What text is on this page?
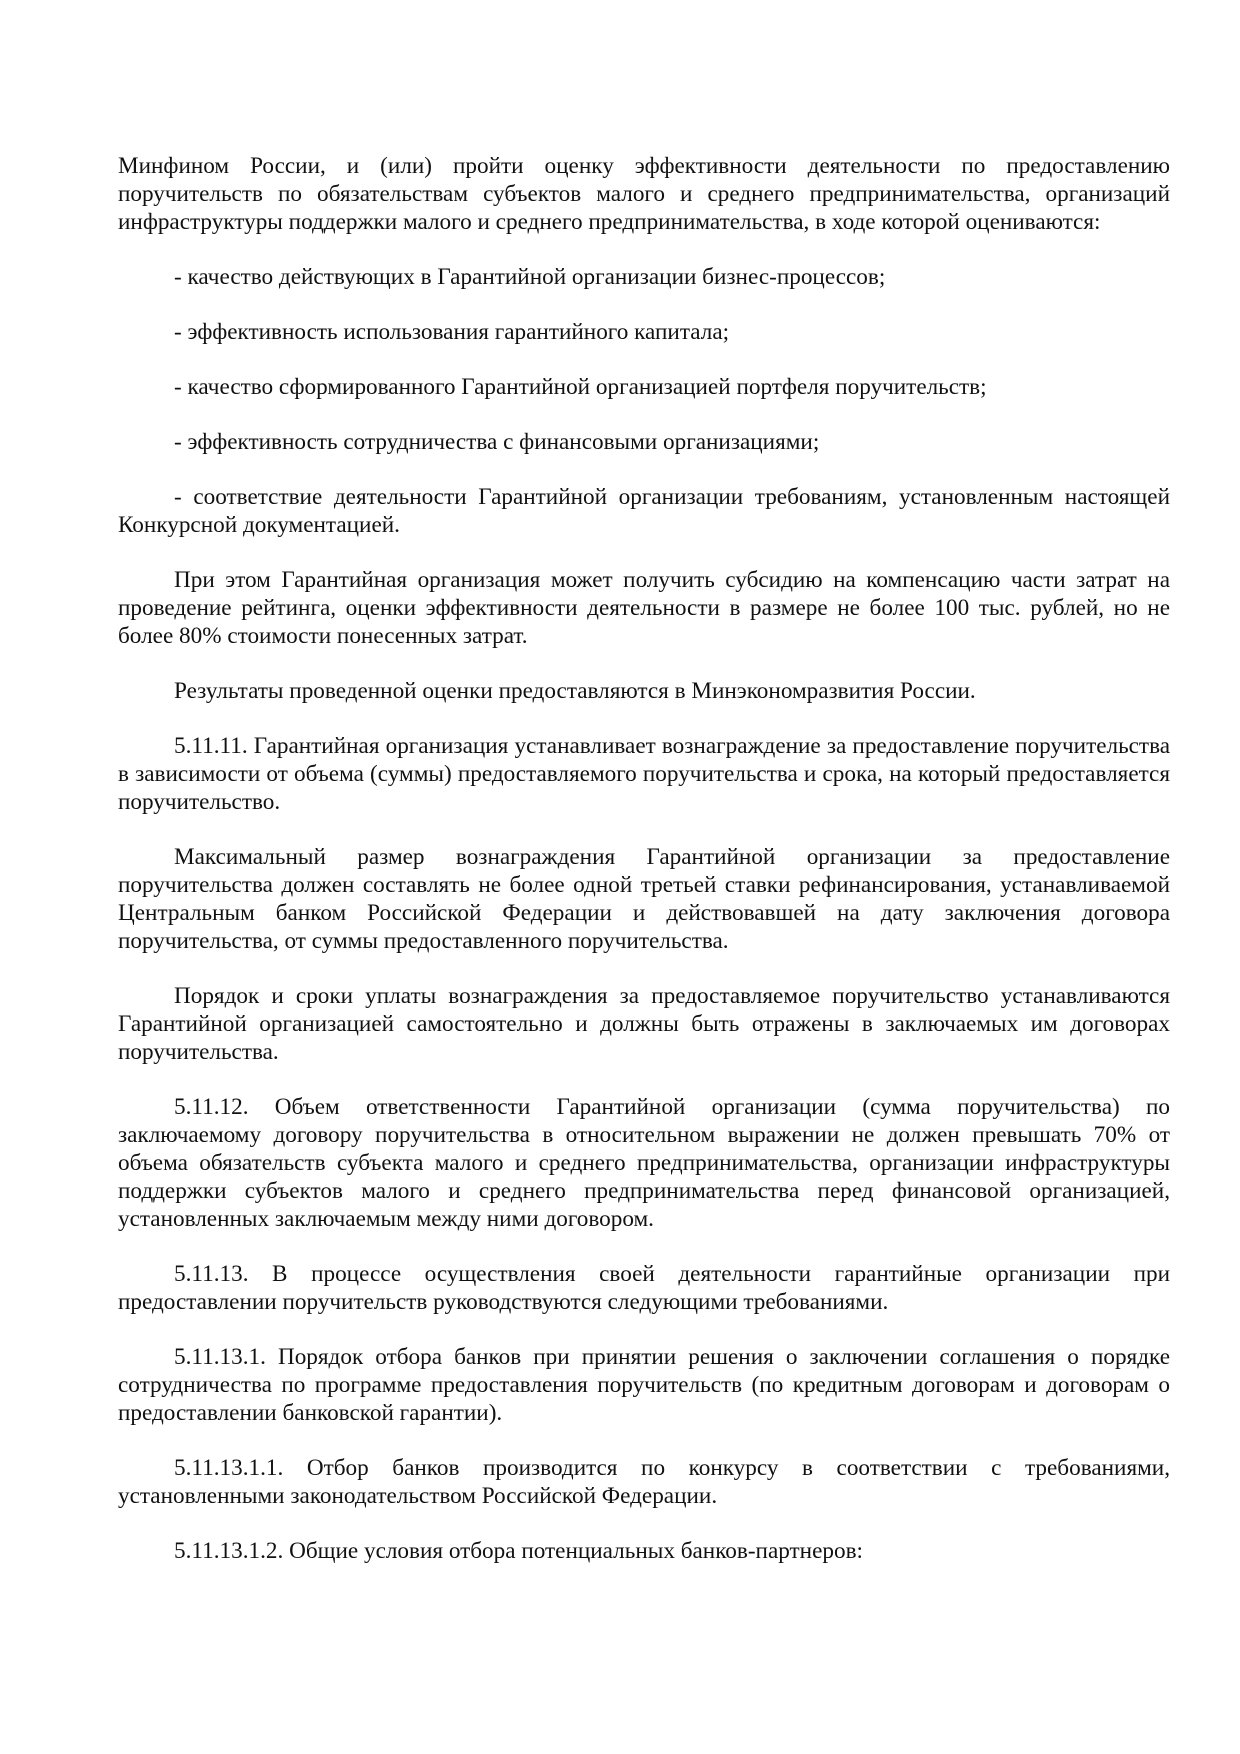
Минфином России, и (или) пройти оценку эффективности деятельности по предоставлению поручительств по обязательствам субъектов малого и среднего предпринимательства, организаций инфраструктуры поддержки малого и среднего предпринимательства, в ходе которой оцениваются:

- качество действующих в Гарантийной организации бизнес-процессов;

- эффективность использования гарантийного капитала;

- качество сформированного Гарантийной организацией портфеля поручительств;

- эффективность сотрудничества с финансовыми организациями;

- соответствие деятельности Гарантийной организации требованиям, установленным настоящей Конкурсной документацией.

При этом Гарантийная организация может получить субсидию на компенсацию части затрат на проведение рейтинга, оценки эффективности деятельности в размере не более 100 тыс. рублей, но не более 80% стоимости понесенных затрат.

Результаты проведенной оценки предоставляются в Минэкономразвития России.

5.11.11. Гарантийная организация устанавливает вознаграждение за предоставление поручительства в зависимости от объема (суммы) предоставляемого поручительства и срока, на который предоставляется поручительство.

Максимальный размер вознаграждения Гарантийной организации за предоставление поручительства должен составлять не более одной третьей ставки рефинансирования, устанавливаемой Центральным банком Российской Федерации и действовавшей на дату заключения договора поручительства, от суммы предоставленного поручительства.

Порядок и сроки уплаты вознаграждения за предоставляемое поручительство устанавливаются Гарантийной организацией самостоятельно и должны быть отражены в заключаемых им договорах поручительства.

5.11.12. Объем ответственности Гарантийной организации (сумма поручительства) по заключаемому договору поручительства в относительном выражении не должен превышать 70% от объема обязательств субъекта малого и среднего предпринимательства, организации инфраструктуры поддержки субъектов малого и среднего предпринимательства перед финансовой организацией, установленных заключаемым между ними договором.

5.11.13. В процессе осуществления своей деятельности гарантийные организации при предоставлении поручительств руководствуются следующими требованиями.

5.11.13.1. Порядок отбора банков при принятии решения о заключении соглашения о порядке сотрудничества по программе предоставления поручительств (по кредитным договорам и договорам о предоставлении банковской гарантии).

5.11.13.1.1. Отбор банков производится по конкурсу в соответствии с требованиями, установленными законодательством Российской Федерации.

5.11.13.1.2. Общие условия отбора потенциальных банков-партнеров:
